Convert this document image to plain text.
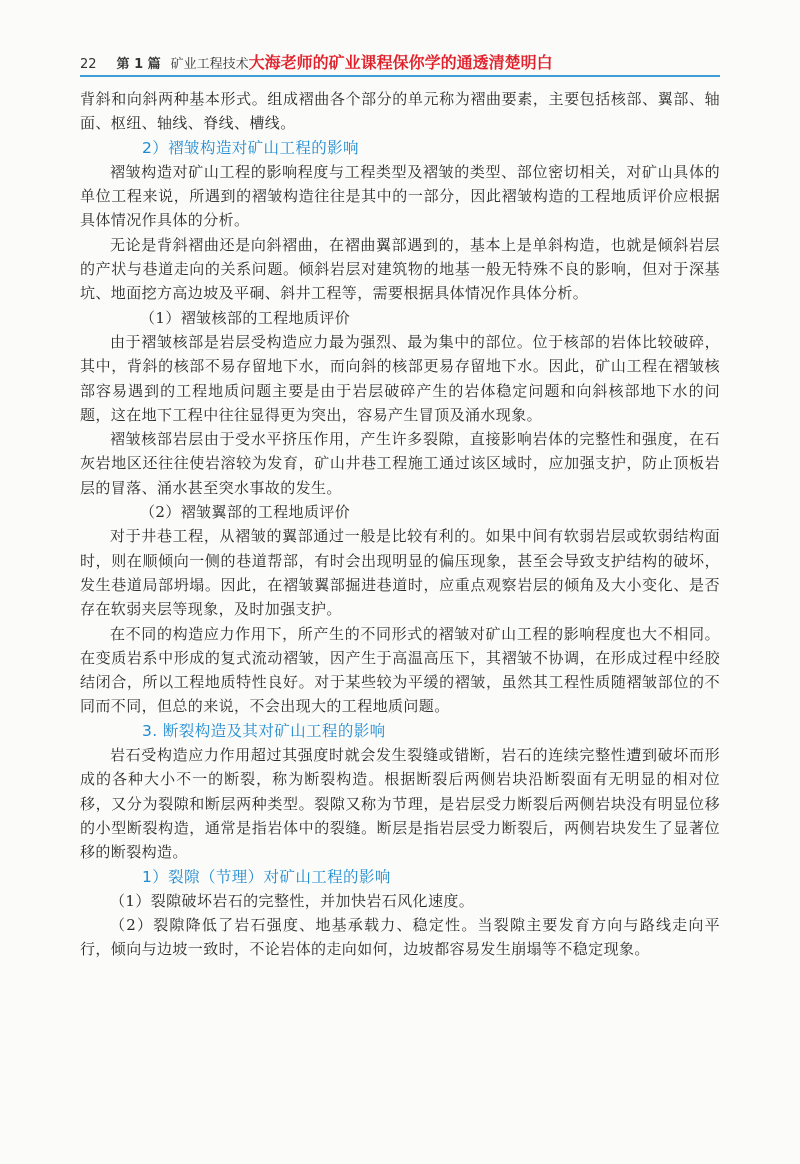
22 第 1 篇 矿业工程技术 大海老师的矿业课程保你学的通透清楚明白

背斜和向斜两种基本形式。组成褶曲各个部分的单元称为褶曲要素，主要包括核部、翼部、轴面、枢纽、轴线、脊线、槽线。

2）褶皱构造对矿山工程的影响

褶皱构造对矿山工程的影响程度与工程类型及褶皱的类型、部位密切相关，对矿山具体的单位工程来说，所遇到的褶皱构造往往是其中的一部分，因此褶皱构造的工程地质评价应根据具体情况作具体的分析。

无论是背斜褶曲还是向斜褶曲，在褶曲翼部遇到的，基本上是单斜构造，也就是倾斜岩层的产状与巷道走向的关系问题。倾斜岩层对建筑物的地基一般无特殊不良的影响，但对于深基坑、地面挖方高边坡及平硐、斜井工程等，需要根据具体情况作具体分析。

（1）褶皱核部的工程地质评价

由于褶皱核部是岩层受构造应力最为强烈、最为集中的部位。位于核部的岩体比较破碎，其中，背斜的核部不易存留地下水，而向斜的核部更易存留地下水。因此，矿山工程在褶皱核部容易遇到的工程地质问题主要是由于岩层破碎产生的岩体稳定问题和向斜核部地下水的问题，这在地下工程中往往显得更为突出，容易产生冒顶及涌水现象。

褶皱核部岩层由于受水平挤压作用，产生许多裂隙，直接影响岩体的完整性和强度，在石灰岩地区还往往使岩溶较为发育，矿山井巷工程施工通过该区域时，应加强支护，防止顶板岩层的冒落、涌水甚至突水事故的发生。

（2）褶皱翼部的工程地质评价

对于井巷工程，从褶皱的翼部通过一般是比较有利的。如果中间有软弱岩层或软弱结构面时，则在顺倾向一侧的巷道帮部，有时会出现明显的偏压现象，甚至会导致支护结构的破坏，发生巷道局部坍塌。因此，在褶皱翼部掘进巷道时，应重点观察岩层的倾角及大小变化、是否存在软弱夹层等现象，及时加强支护。

在不同的构造应力作用下，所产生的不同形式的褶皱对矿山工程的影响程度也大不相同。在变质岩系中形成的复式流动褶皱，因产生于高温高压下，其褶皱不协调，在形成过程中经胶结闭合，所以工程地质特性良好。对于某些较为平缓的褶皱，虽然其工程性质随褶皱部位的不同而不同，但总的来说，不会出现大的工程地质问题。

3. 断裂构造及其对矿山工程的影响

岩石受构造应力作用超过其强度时就会发生裂缝或错断，岩石的连续完整性遭到破坏而形成的各种大小不一的断裂，称为断裂构造。根据断裂后两侧岩块沿断裂面有无明显的相对位移，又分为裂隙和断层两种类型。裂隙又称为节理，是岩层受力断裂后两侧岩块没有明显位移的小型断裂构造，通常是指岩体中的裂缝。断层是指岩层受力断裂后，两侧岩块发生了显著位移的断裂构造。

1）裂隙（节理）对矿山工程的影响

（1）裂隙破坏岩石的完整性，并加快岩石风化速度。

（2）裂隙降低了岩石强度、地基承载力、稳定性。当裂隙主要发育方向与路线走向平行，倾向与边坡一致时，不论岩体的走向如何，边坡都容易发生崩塌等不稳定现象。
